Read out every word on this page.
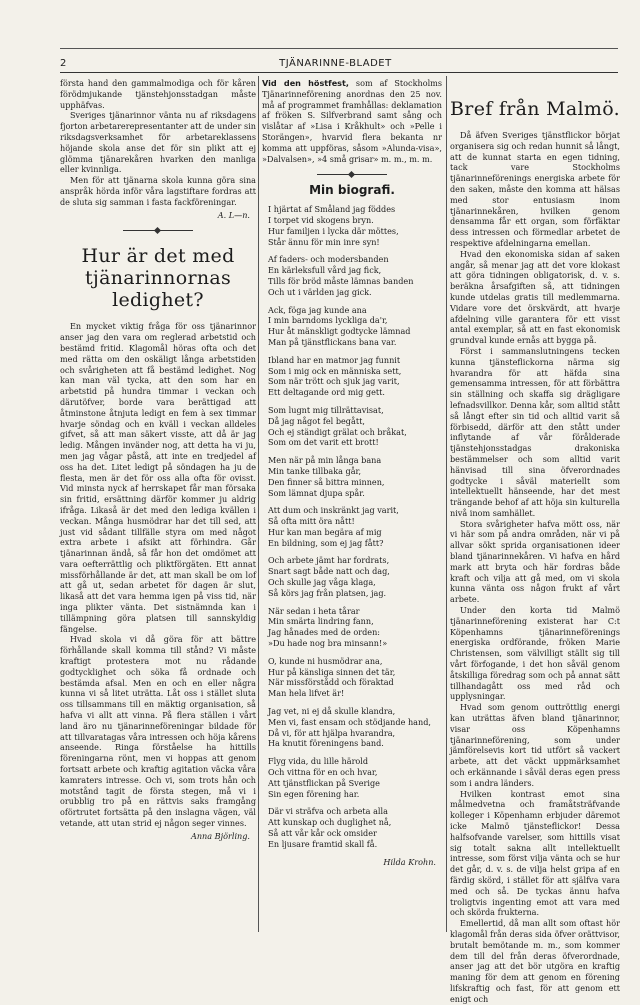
2	TJÄNARINNE-BLADET

första hand den gammalmodiga och för kåren förödmjukande tjänstehjonsstadgan måste upphäfvas.

Sveriges tjänarinnor vänta nu af riksdagens fjorton arbetarerepresentanter att de under sin riksdagsverksamhet för arbetareklassens höjande skola anse det för sin plikt att ej glömma tjänarekåren hvarken den manliga eller kvinnliga.

Men för att tjänarna skola kunna göra sina anspråk hörda inför våra lagstiftare fordras att de sluta sig samman i fasta fackföreningar.

A. L—n.
Hur är det med tjänarinnornas ledighet?

En mycket viktig fråga för oss tjänarinnor anser jag den vara om reglerad arbetstid och bestämd fritid. Klagomål höras ofta och det med rätta om den oskäligt långa arbetstiden och svårigheten att få bestämd ledighet. Nog kan man väl tycka, att den som har en arbetstid på hundra timmar i veckan och därutöfver, borde vara berättigad att åtminstone åtnjuta ledigt en fem à sex timmar hvarje söndag och en kväll i veckan alldeles gifvet, så att man säkert visste, att då är jag ledig. Mången invänder nog, att detta ha vi ju, men jag vågar påstå, att inte en tredjedel af oss ha det. Litet ledigt på söndagen ha ju de flesta, men är det för oss alla ofta för ovisst. Vid minsta nyck af herrskapet får man försaka sin fritid, ersättning därför kommer ju aldrig ifråga. Likaså är det med den lediga kvällen i veckan. Många husmödrar har det till sed, att just vid sådant tillfälle styra om med något extra arbete i afsikt att förhindra. Går tjänarinnan ändå, så får hon det omdömet att vara oefterrättlig och pliktförgäten. Ett annat missförhållande är det, att man skall be om lof att gå ut, sedan arbetet för dagen är slut, likaså att det vara hemma igen på viss tid, när inga plikter vänta. Det sistnämnda kan i tillämpning göra platsen till sannskyldig fängelse.

Hvad skola vi då göra för att bättre förhållande skall komma till stånd? Vi måste kraftigt protestera mot nu rådande godtycklighet och söka få ordnade och bestämda afsal. Men en och en eller några kunna vi så litet uträtta. Låt oss i stället sluta oss tillsammans till en mäktig organisation, så hafva vi allt att vinna. På flera ställen i vårt land äro nu tjänarinneföreningar bildade för att tillvaratagas våra intressen och höja kårens anseende. Ringa förståelse ha hittills föreningarna rönt, men vi hoppas att genom fortsatt arbete och kraftig agitation väcka våra kamraters intresse. Och vi, som trots hån och motstånd tagit de första stegen, må vi i orubblig tro på en rättvis saks framgång oförtrutet fortsätta på den inslagna vägen, väl vetande, att utan strid ej någon seger vinnes.

Anna Björling.

Vid den höstfest, som af Stockholms Tjänarinneförening anordnas den 25 nov. må af programmet framhållas: deklamation af fröken S. Silfverbrand samt sång och vislåtar af »Lisa i Kråkhult» och »Pelle i Storängen», hvarvid flera bekanta nr komma att uppföras, såsom »Alunda-visa», »Dalvalsen», »4 små grisar» m. m., m. m.

Min biografi.
I hjärtat af Småland jag föddes
I torpet vid skogens bryn.
Hur familjen i lycka där möttes,
Står ännu för min inre syn!
Af faders- och modersbanden
En kärleksfull vård jag fick,
Tills för bröd måste lämnas banden
Och ut i världen jag gick.
Ack, föga jag kunde ana
I min barndoms lyckliga da'r,
Hur åt mänskligt godtycke lämnad
Man på tjänstflickans bana var.
Ibland har en matmor jag funnit
Som i mig ock en människa sett,
Som när trött och sjuk jag varit,
Ett deltagande ord mig gett.
Som lugnt mig tillrättavisat,
Då jag något fel begått,
Och ej ständigt grälat och bråkat,
Som om det varit ett brott!
Men när på min långa bana
Min tanke tillbaka går,
Den finner så bittra minnen,
Som lämnat djupa spår.
Att dum och inskränkt jag varit,
Så ofta mitt öra nått!
Hur kan man begära af mig
En bildning, som ej jag fått?
Och arbete jämt har fordrats,
Snart sagt både natt och dag,
Och skulle jag våga klaga,
Så körs jag från platsen, jag.
När sedan i heta tårar
Min smärta lindring fann,
Jag hånades med de orden:
»Du hade nog bra minsann!»
O, kunde ni husmödrar ana,
Hur på känsliga sinnen det tär,
När missförstådd och föraktad
Man hela lifvet är!
Jag vet, ni ej då skulle klandra,
Men vi, fast ensam och stödjande hand,
Då vi, för att hjälpa hvarandra,
Ha knutit föreningens band.
Flyg vida, du lille härold
Och vittna för en och hvar,
Att tjänstflickan på Sverige
Sin egen förening har.
Där vi sträfva och arbeta alla
Att kunskap och duglighet nå,
Så att vår kår ock omsider
En ljusare framtid skall få.
Hilda Krohn.
Bref från Malmö.

Då äfven Sveriges tjänstflickor börjat organisera sig och redan hunnit så långt, att de kunnat starta en egen tidning, tack vare Stockholms tjänarinneförenings energiska arbete för den saken, måste den komma att hälsas med stor entusiasm inom tjänarinnekåren, hvilken genom densamma får ett organ, som förfäktar dess intressen och förmedlar arbetet de respektive afdelningarna emellan.

Hvad den ekonomiska sidan af saken angår, så menar jag att det vore klokast att göra tidningen obligatorisk, d. v. s. beräkna årsafgiften så, att tidningen kunde utdelas gratis till medlemmarna. Vidare vore det örskvärdt, att hvarje afdelning ville garantera för ett visst antal exemplar, så att en fast ekonomisk grundval kunde ernås att bygga på.

Först i sammanslutningens tecken kunna tjänsteflickorna närma sig hvarandra för att häfda sina gemensamma intressen, för att förbättra sin ställning och skaffa sig drägligare lefnadsvillkor. Denna kår, som alltid stått så långt efter sin tid och alltid varit så förbisedd, därför att den stått under inflytande af vår förålderade tjänstehjonsstadgas drakoniska bestämmelser och som alltid varit hänvisad till sina öfverordnades godtycke i såväl materiellt som intellektuellt hänseende, har det mest trängande behof af att höja sin kulturella nivå inom samhället.

Stora svårigheter hafva mött oss, när vi här som på andra områden, när vi på allvar sökt sprida organisationen ideer bland tjänarinnekåren. Vi hafva en hård mark att bryta och här fordras både kraft och vilja att gå med, om vi skola kunna vänta oss någon frukt af vårt arbete.

Under den korta tid Malmö tjänarinneförening existerat har C:t Köpenhamns tjänarinneförenings energiska ordförande, fröken Marie Christensen, som välvilligt ställt sig till vårt förfogande, i det hon såväl genom åtskilliga föredrag som och på annat sätt tillhandagått oss med råd och upplysningar.

Hvad som genom outtröttlig energi kan uträttas äfven bland tjänarinnor, visar oss Köpenhamns tjänarinneförening, som under jämförelsevis kort tid utfört så vackert arbete, att det väckt uppmärksamhet och erkännande i såväl deras egen press som i andra länders.

Hvilken kontrast emot sina målmedvetna och framåtsträfvande kolleger i Köpenhamn erbjuder däremot icke Malmö tjänsteflickor! Dessa halfsofvande varelser, som hittills visat sig totalt sakna allt intellektuellt intresse, som först vilja vänta och se hur det går, d. v. s. de vilja helst gripa af en färdig skörd, i stället för att själfva vara med och så. De tyckas ännu hafva troligtvis ingenting emot att vara med och skörda frukterna.

Emellertid, då man allt som oftast hör klagomål från deras sida öfver orättvisor, brutalt bemötande m. m., som kommer dem till del från deras öfverordnade, anser jag att det bör utgöra en kraftig maning för dem att genom en förening lifskraftig och fast, för att genom ett enigt och
